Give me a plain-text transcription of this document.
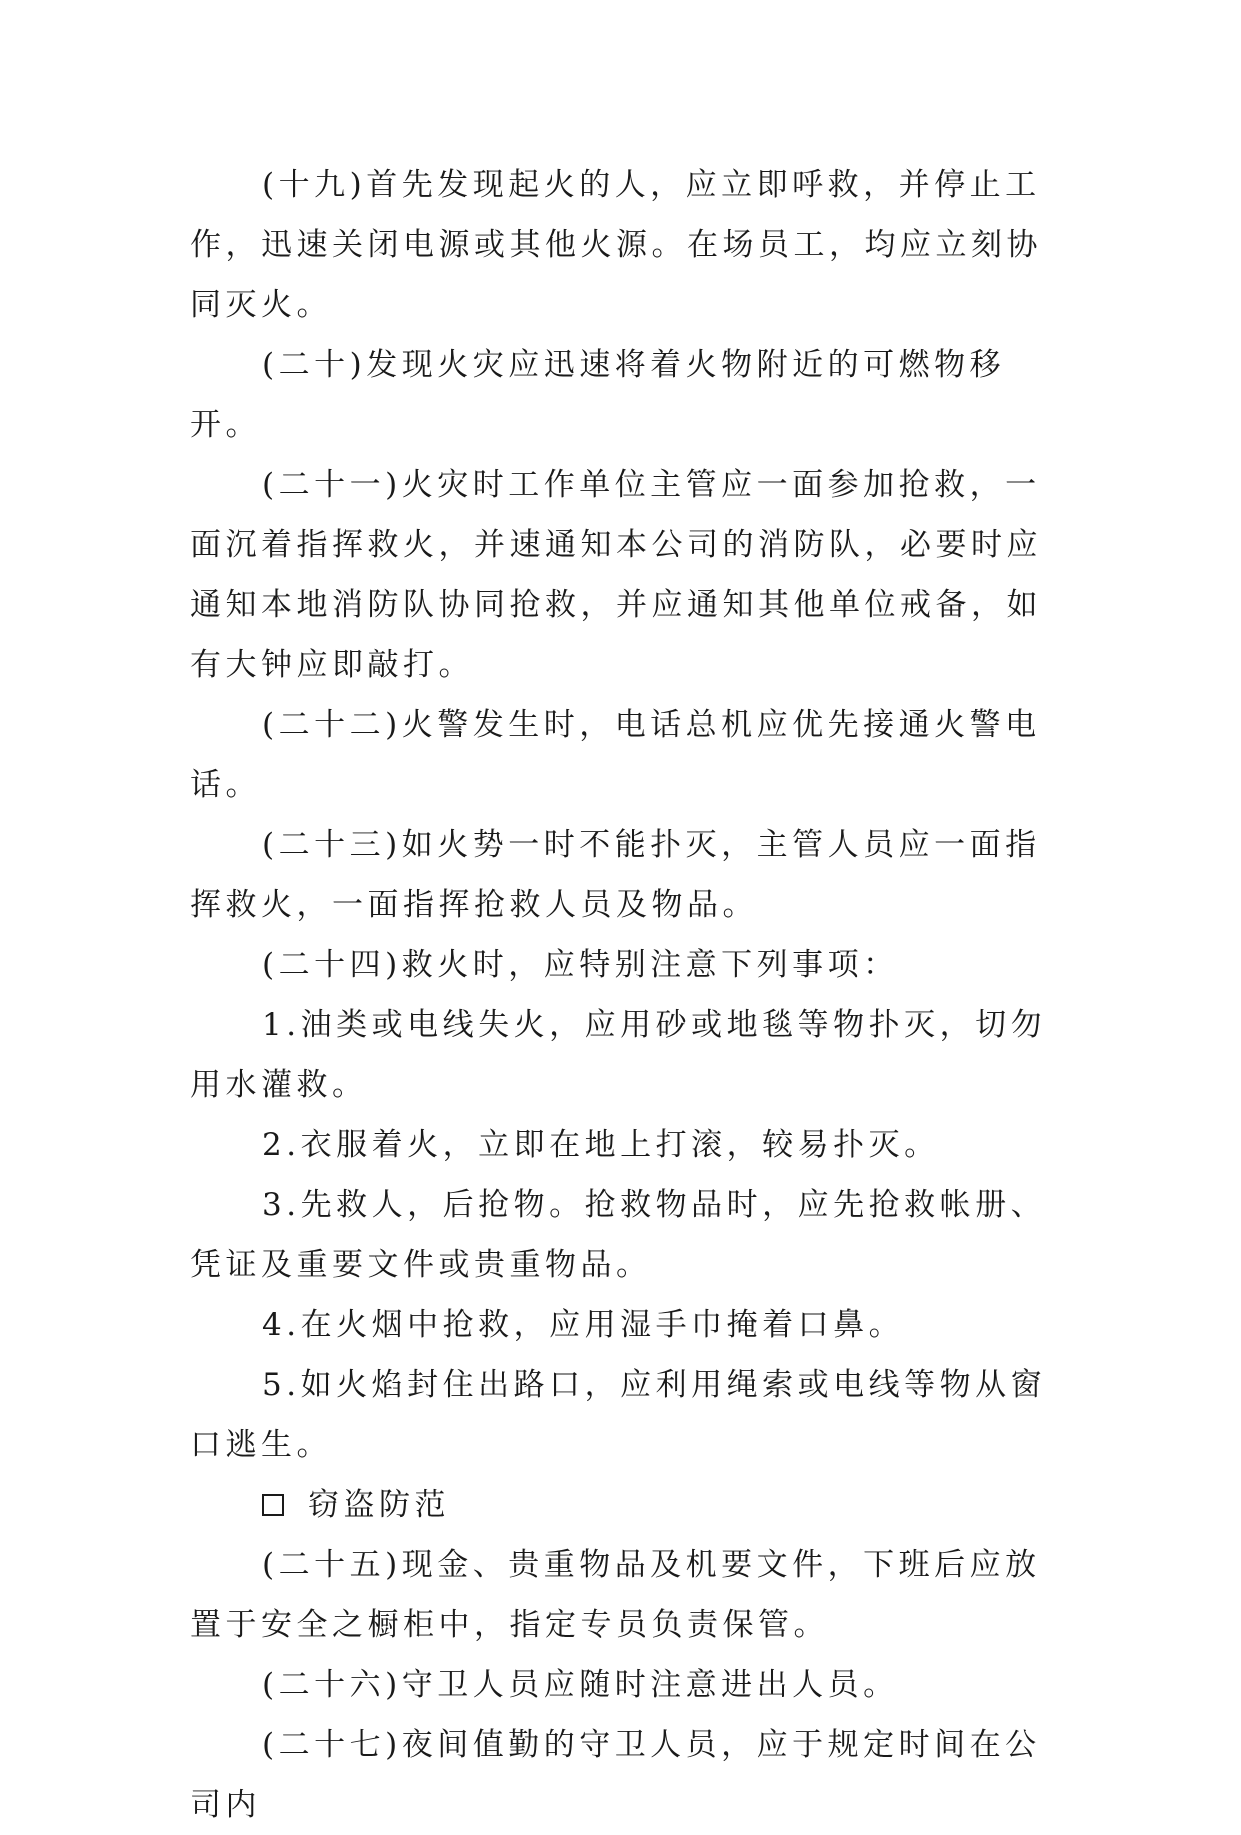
(十九)首先发现起火的人，应立即呼救，并停止工作，迅速关闭电源或其他火源。在场员工，均应立刻协同灭火。

(二十)发现火灾应迅速将着火物附近的可燃物移开。

(二十一)火灾时工作单位主管应一面参加抢救，一面沉着指挥救火，并速通知本公司的消防队，必要时应通知本地消防队协同抢救，并应通知其他单位戒备，如有大钟应即敲打。

(二十二)火警发生时，电话总机应优先接通火警电话。

(二十三)如火势一时不能扑灭，主管人员应一面指挥救火，一面指挥抢救人员及物品。

(二十四)救火时，应特别注意下列事项：

1.油类或电线失火，应用砂或地毯等物扑灭，切勿用水灌救。

2.衣服着火，立即在地上打滚，较易扑灭。

3.先救人，后抢物。抢救物品时，应先抢救帐册、凭证及重要文件或贵重物品。

4.在火烟中抢救，应用湿手巾掩着口鼻。

5.如火焰封住出路口，应利用绳索或电线等物从窗口逃生。

窃盗防范

(二十五)现金、贵重物品及机要文件，下班后应放置于安全之橱柜中，指定专员负责保管。

(二十六)守卫人员应随时注意进出人员。

(二十七)夜间值勤的守卫人员，应于规定时间在公司内
